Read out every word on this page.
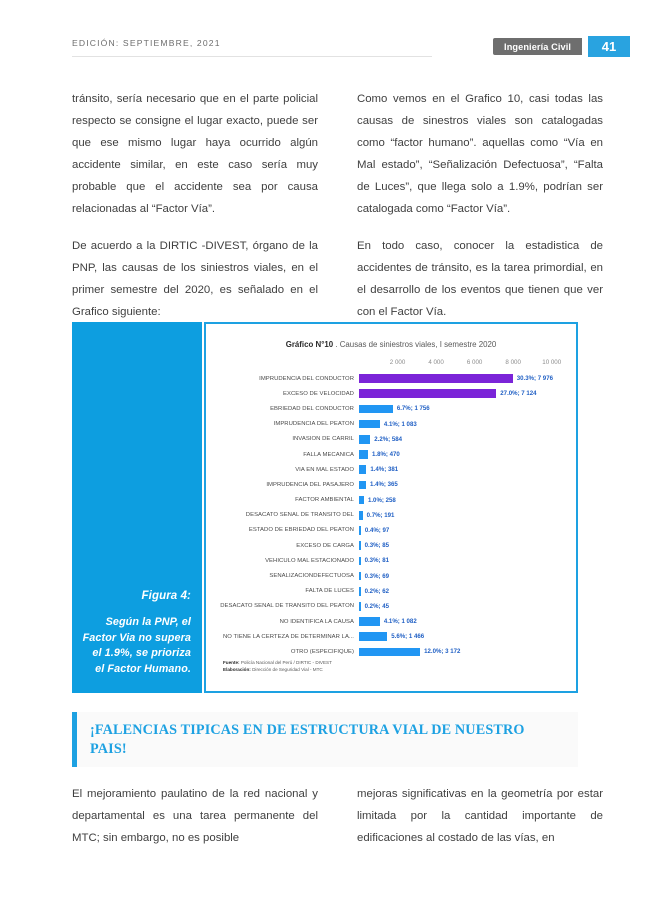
EDICIÓN: SEPTIEMBRE, 2021	Ingeniería Civil	41

tránsito, sería necesario que en el parte policial respecto se consigne el lugar exacto, puede ser que ese mismo lugar haya ocurrido algún accidente similar, en este caso sería muy probable que el accidente sea por causa relacionadas al “Factor Vía”.

De acuerdo a la DIRTIC -DIVEST, órgano de la PNP, las causas de los siniestros viales, en el primer semestre del 2020, es señalado en el Grafico siguiente:

Como vemos en el Grafico 10, casi todas las causas de sinestros viales son catalogadas como “factor humano”. aquellas como “Vía en Mal estado”, “Señalización Defectuosa”, “Falta de Luces”, que llega solo a 1.9%, podrían ser catalogada como “Factor Vía”.

En todo caso, conocer la estadistica de accidentes de tránsito, es la tarea primordial, en el desarrollo de los eventos que tienen que ver con el Factor Vía.

Figura 4:
Según la PNP, el Factor Via no supera el 1.9%, se prioriza el Factor Humano.
Gráfico N°10 . Causas de siniestros viales, I semestre 2020
2 000	4 000	6 000	8 000	10 000
IMPRUDENCIA DEL CONDUCTOR	30.3%; 7 976
EXCESO DE VELOCIDAD	27.0%; 7 124
EBRIEDAD DEL CONDUCTOR	6.7%; 1 756
IMPRUDENCIA DEL PEATÓN	4.1%; 1 083
INVASIÓN DE CARRIL	2.2%; 584
FALLA MECÁNICA	1.8%; 470
VIA EN MAL ESTADO	1.4%; 381
IMPRUDENCIA DEL PASAJERO	1.4%; 365
FACTOR AMBIENTAL 1.0%; 258
DESACATO SEÑAL DE TRÁNSITO DEL 0.7%; 191
ESTADO DE EBRIEDAD DEL PEATÓN 0.4%; 97
EXCESO DE CARGA 0.3%; 85
VEHÍCULO MAL ESTACIONADO 0.3%; 81
SEÑALIZACIÓNDEFECTUOSA 0.3%; 69
FALTA DE LUCES 0.2%; 62
DESACATO SEÑAL DE TRÁNSITO DEL PEATÓN 0.2%; 45
NO IDENTIFICA LA CAUSA	4.1%; 1 082
NO TIENE LA CERTEZA DE DETERMINAR LA...	5.6%; 1 466
OTRO (ESPECIFIQUE)	12.0%; 3 172
Fuente: Policía Nacional del Perú / DIRTIC - DIVEST
Elaboración: Dirección de Seguridad Vial - MTC
¡FALENCIAS TIPICAS EN DE ESTRUCTURA VIAL DE NUESTRO PAIS!

El mejoramiento paulatino de la red nacional y departamental es una tarea permanente del MTC; sin embargo, no es posible

mejoras significativas en la geometría por estar limitada por la cantidad importante de edificaciones al costado de las vías, en
